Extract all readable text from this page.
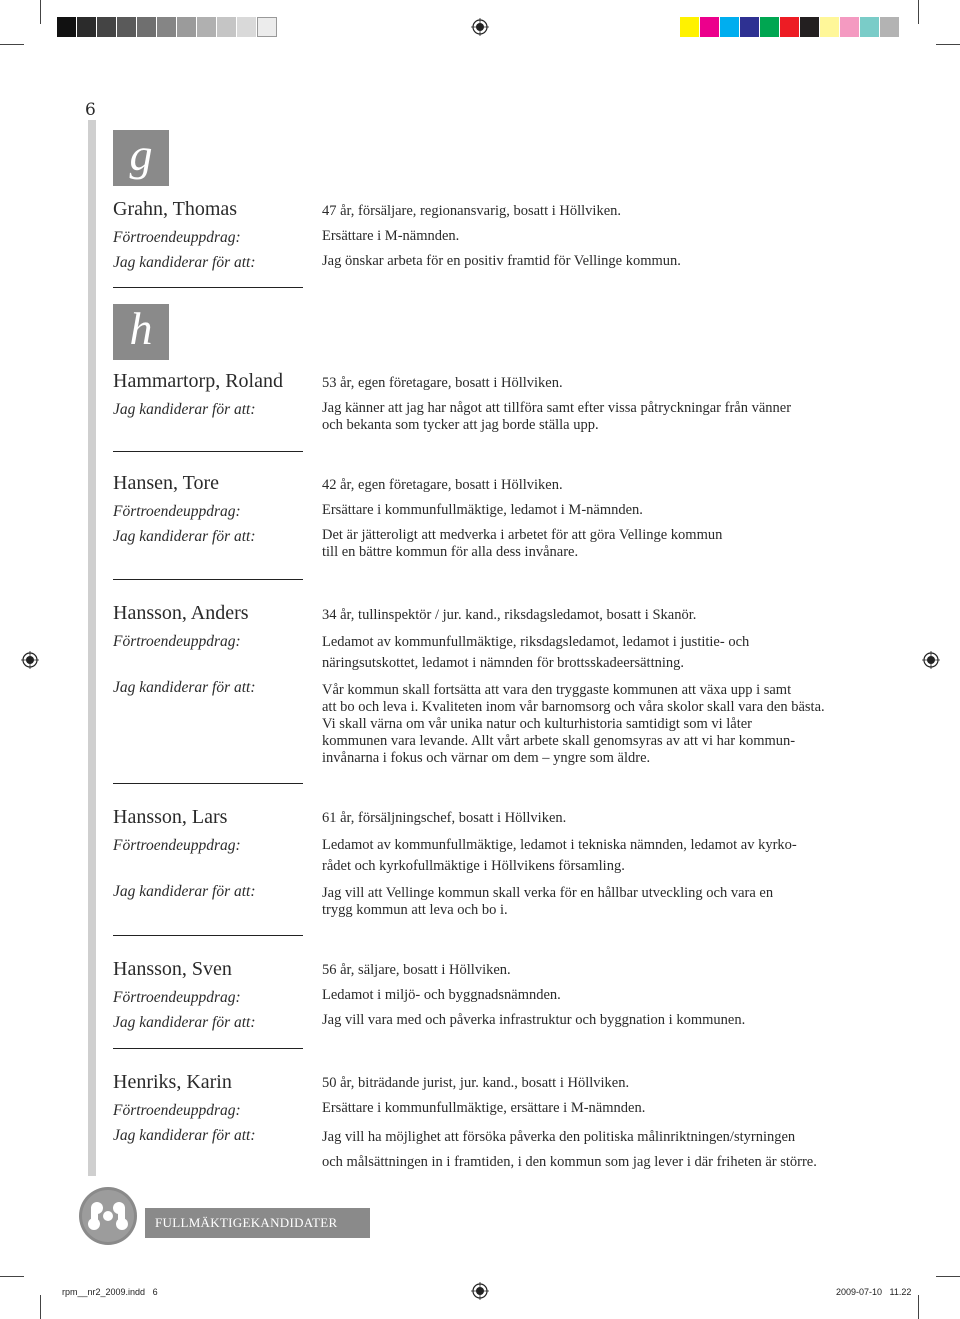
6
g
h
Grahn, Thomas
Förtroendeuppdrag:
Jag kandiderar för att:
47 år, försäljare, regionansvarig, bosatt i Höllviken.
Ersättare i M-nämnden.
Jag önskar arbeta för en positiv framtid för Vellinge kommun.
Hammartorp, Roland
Jag kandiderar för att:
53 år, egen företagare, bosatt i Höllviken.
Jag känner att jag har något att tillföra samt efter vissa påtryckningar från vänner
och bekanta som tycker att jag borde ställa upp.
Hansen, Tore
Förtroendeuppdrag:
Jag kandiderar för att:
42 år, egen företagare, bosatt i Höllviken.
Ersättare i kommunfullmäktige, ledamot i M-nämnden.
Det är jätteroligt att medverka i arbetet för att göra Vellinge kommun
till en bättre kommun för alla dess invånare.
Hansson, Anders
Förtroendeuppdrag:
Jag kandiderar för att:
34 år, tullinspektör / jur. kand., riksdagsledamot, bosatt i Skanör.
Ledamot av kommunfullmäktige, riksdagsledamot, ledamot i justitie- och
näringsutskottet, ledamot i nämnden för brottsskadeersättning.
Vår kommun skall fortsätta att vara den tryggaste kommunen att växa upp i samt
att bo och leva i. Kvaliteten inom vår barnomsorg och våra skolor skall vara den bästa.
Vi skall värna om vår unika natur och kulturhistoria samtidigt som vi låter
kommunen vara levande. Allt vårt arbete skall genomsyras av att vi har kommun-
invånarna i fokus och värnar om dem – yngre som äldre.
Hansson, Lars
Förtroendeuppdrag:
Jag kandiderar för att:
61 år, försäljningschef, bosatt i Höllviken.
Ledamot av kommunfullmäktige, ledamot i tekniska nämnden, ledamot av kyrko-
rådet och kyrkofullmäktige i Höllvikens församling.
Jag vill att Vellinge kommun skall verka för en hållbar utveckling och vara en
trygg kommun att leva och bo i.
Hansson, Sven
Förtroendeuppdrag:
Jag kandiderar för att:
56 år, säljare, bosatt i Höllviken.
Ledamot i miljö- och byggnadsnämnden.
Jag vill vara med och påverka infrastruktur och byggnation i kommunen.
Henriks, Karin
Förtroendeuppdrag:
Jag kandiderar för att:
50 år, biträdande jurist, jur. kand., bosatt i Höllviken.
Ersättare i kommunfullmäktige, ersättare i M-nämnden.
Jag vill ha möjlighet att försöka påverka den politiska målinriktningen/styrningen
och målsättningen in i framtiden, i den kommun som jag lever i där friheten är större.
FULLMÄKTIGEKANDIDATER
rpm__nr2_2009.indd   6	2009-07-10   11.22
